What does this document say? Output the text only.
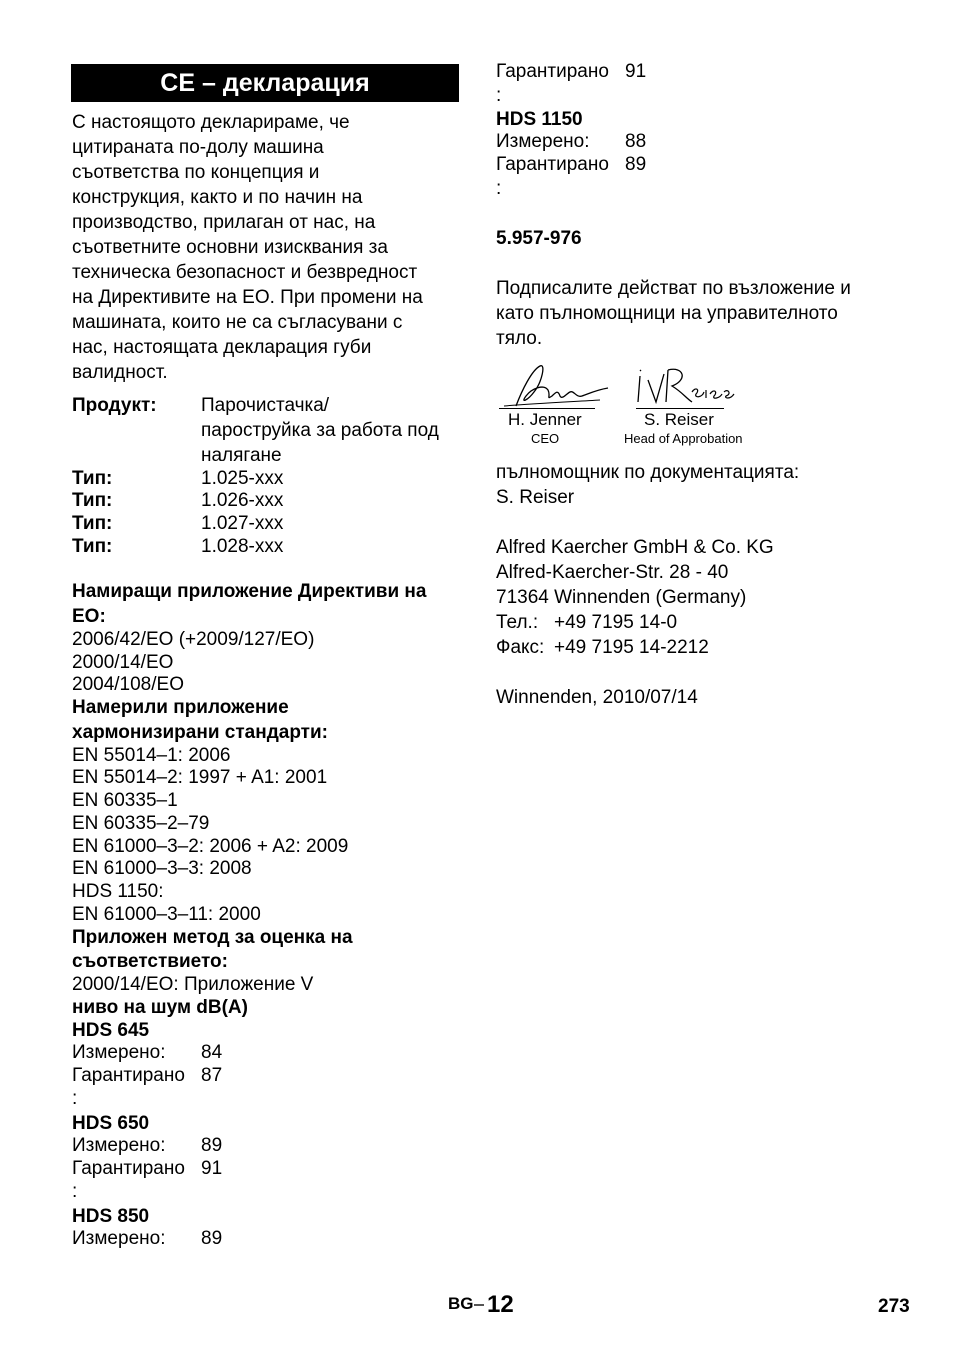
CE – декларация
С настоящото декларираме, че
цитираната по-долу машина
съответства по концепция и
конструкция, както и по начин на
производство, прилаган от нас, на
съответните основни изисквания за
техническа безопасност и безвредност
на Директивите на ЕО. При промени на
машината, които не са съгласувани с
нас, настоящата декларация губи
валидност.
Продукт: Парочистачка/
пароструйка за работа под
налягане
Тип:	1.025-xxx
Тип:	1.026-xxx
Тип:	1.027-xxx
Тип:	1.028-xxx
Намиращи приложение Директиви на
ЕО:
2006/42/ЕО (+2009/127/ЕО)
2000/14/ЕО
2004/108/ЕО
Намерили приложение
хармонизирани стандарти:
EN 55014–1: 2006
EN 55014–2: 1997 + A1: 2001
EN 60335–1
EN 60335–2–79
EN 61000–3–2: 2006 + A2: 2009
EN 61000–3–3: 2008
HDS 1150:
EN 61000–3–11: 2000
Приложен метод за оценка на
съответствието:
2000/14/ЕО: Приложение V
ниво на шум dB(A)
HDS 645
Измерено: 84
Гарантирано 87
:
HDS 650
Измерено: 89
Гарантирано 91
:
HDS 850
Измерено: 89
Гарантирано 91
:
HDS 1150
Измерено: 88
Гарантирано 89
:
5.957-976
Подписалите действат по възложение и
като пълномощници на управителното
тяло.
H. Jenner
CEO
S. Reiser
Head of Approbation
пълномощник по документацията:
S. Reiser
Alfred Kaercher GmbH & Co. KG
Alfred-Kaercher-Str. 28 - 40
71364 Winnenden (Germany)
Тел.: +49 7195 14-0
Факс: +49 7195 14-2212
Winnenden, 2010/07/14
BG 12	273
